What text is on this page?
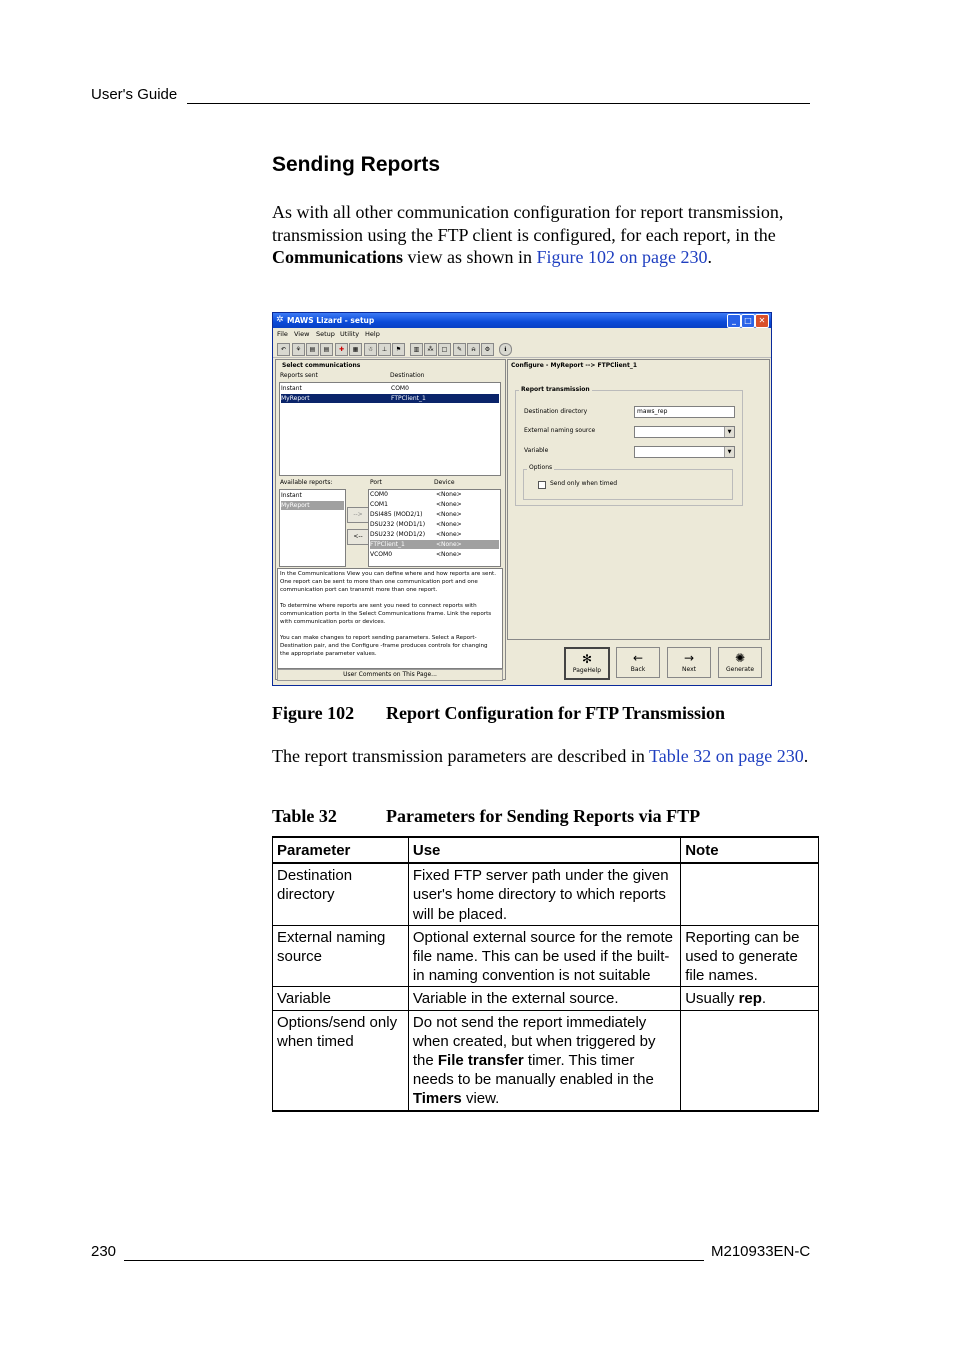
User's Guide
Sending Reports
As with all other communication configuration for report transmission, transmission using the FTP client is configured, for each report, in the Communications view as shown in Figure 102 on page 230.
✲ MAWS Lizard - setup	_	□ ✕
File View Setup Utility Help
↶	⚘	▤	▤	✚	▦	☃	⊥	⚑	▥	⁂	□	✎	⍾	⚙	ℹ
Select communications
Reports sent	Destination
Instant	COM0
MyReport	FTPClient_1
Available reports:	Port	Device
Instant
MyReport
-->
<--
COM0	<None>
COM1	<None>
DSI485 (MOD2/1) <None>
DSU232 (MOD1/1) <None>
DSU232 (MOD1/2) <None>
FTPClient_1	<None>
VCOM0	<None>
In the Communications View you can define where and how reports are sent. One report can be sent to more than one communication port and one communication port can transmit more than one report.

To determine where reports are sent you need to connect reports with communication ports in the Select Communications frame. Link the reports with communication ports or devices.

You can make changes to report sending parameters. Select a Report-Destination pair, and the Configure -frame produces controls for changing the appropriate parameter values.
User Comments on This Page...
Configure - MyReport --> FTPClient_1
Report transmission
Destination directory	maws_rep
External naming source	▼
Variable	▼
Options
Send only when timed
✻
PageHelp
←
Back
→
Next
✺
Generate
Figure 102 Report Configuration for FTP Transmission
The report transmission parameters are described in Table 32 on page 230.
Table 32	Parameters for Sending Reports via FTP
Parameter	Use	Note
Destination directory	Fixed FTP server path under the given user's home directory to which reports will be placed.	
External naming source	Optional external source for the remote file name. This can be used if the built-in naming convention is not suitable	Reporting can be used to generate file names.
Variable	Variable in the external source.	Usually rep.
Options/send only when timed	Do not send the report immediately when created, but when triggered by the File transfer timer. This timer needs to be manually enabled in the Timers view.	
230	M210933EN-C
